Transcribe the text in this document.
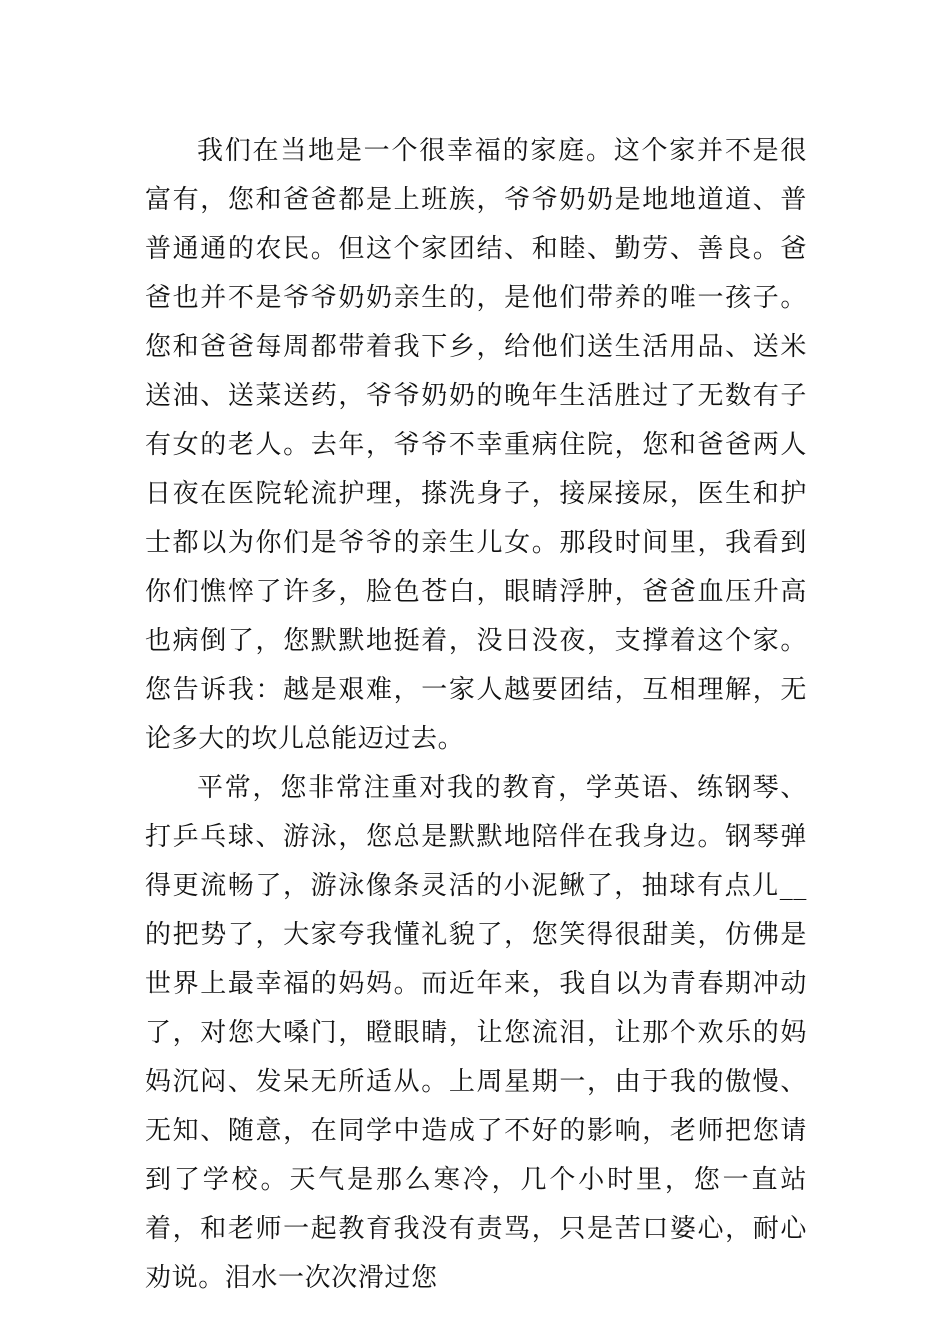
我们在当地是一个很幸福的家庭。这个家并不是很富有，您和爸爸都是上班族，爷爷奶奶是地地道道、普普通通的农民。但这个家团结、和睦、勤劳、善良。爸爸也并不是爷爷奶奶亲生的，是他们带养的唯一孩子。您和爸爸每周都带着我下乡，给他们送生活用品、送米送油、送菜送药，爷爷奶奶的晚年生活胜过了无数有子有女的老人。去年，爷爷不幸重病住院，您和爸爸两人日夜在医院轮流护理，搽洗身子，接屎接尿，医生和护士都以为你们是爷爷的亲生儿女。那段时间里，我看到你们憔悴了许多，脸色苍白，眼睛浮肿，爸爸血压升高也病倒了，您默默地挺着，没日没夜，支撑着这个家。您告诉我：越是艰难，一家人越要团结，互相理解，无论多大的坎儿总能迈过去。

平常，您非常注重对我的教育，学英语、练钢琴、打乒乓球、游泳，您总是默默地陪伴在我身边。钢琴弹得更流畅了，游泳像条灵活的小泥鳅了，抽球有点儿__的把势了，大家夸我懂礼貌了，您笑得很甜美，仿佛是世界上最幸福的妈妈。而近年来，我自以为青春期冲动了，对您大嗓门，瞪眼睛，让您流泪，让那个欢乐的妈妈沉闷、发呆无所适从。上周星期一，由于我的傲慢、无知、随意，在同学中造成了不好的影响，老师把您请到了学校。天气是那么寒冷，几个小时里，您一直站着，和老师一起教育我没有责骂，只是苦口婆心，耐心劝说。泪水一次次滑过您
